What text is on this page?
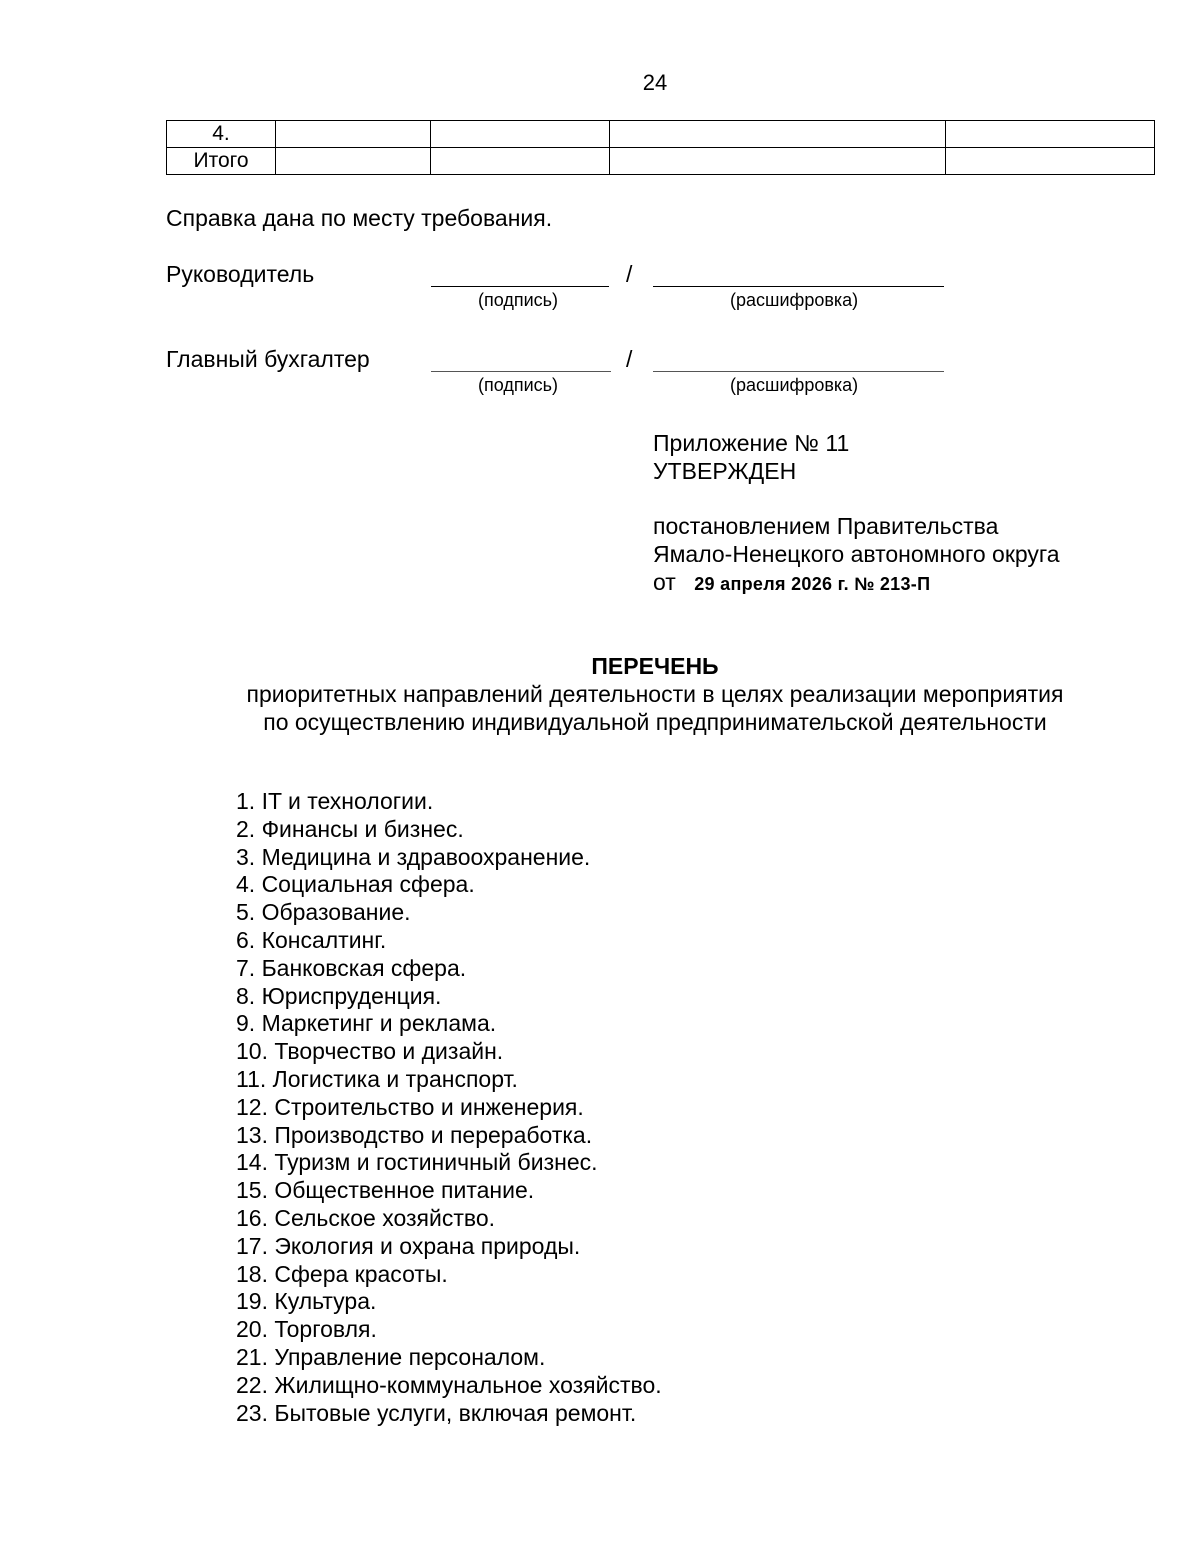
24
4.				
Итого				
Справка дана по месту требования.
Руководитель	/
(подпись)	(расшифровка)
Главный бухгалтер	/
(подпись)	(расшифровка)
Приложение № 11
УТВЕРЖДЕН
постановлением Правительства
Ямало-Ненецкого автономного округа
от 29 апреля 2026 г. № 213-П
ПЕРЕЧЕНЬ
приоритетных направлений деятельности в целях реализации мероприятия
по осуществлению индивидуальной предпринимательской деятельности
1. IT и технологии.
2. Финансы и бизнес.
3. Медицина и здравоохранение.
4. Социальная сфера.
5. Образование.
6. Консалтинг.
7. Банковская сфера.
8. Юриспруденция.
9. Маркетинг и реклама.
10. Творчество и дизайн.
11. Логистика и транспорт.
12. Строительство и инженерия.
13. Производство и переработка.
14. Туризм и гостиничный бизнес.
15. Общественное питание.
16. Сельское хозяйство.
17. Экология и охрана природы.
18. Сфера красоты.
19. Культура.
20. Торговля.
21. Управление персоналом.
22. Жилищно-коммунальное хозяйство.
23. Бытовые услуги, включая ремонт.
